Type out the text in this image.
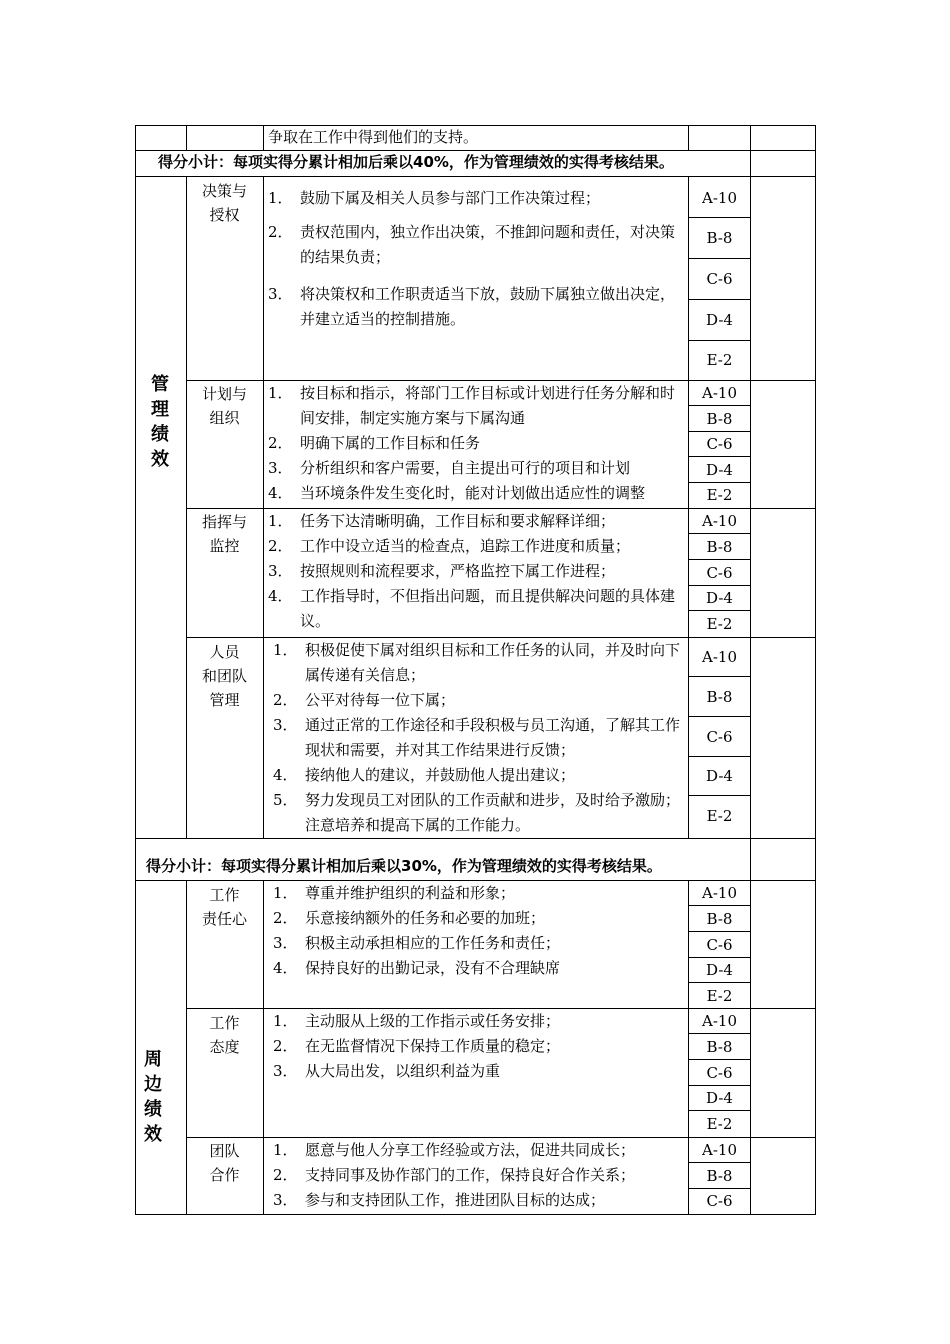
争取在工作中得到他们的支持。
得分小计：每项实得分累计相加后乘以40%，作为管理绩效的实得考核结果。
得分小计：每项实得分累计相加后乘以30%，作为管理绩效的实得考核结果。
管
理
绩
效
周
边
绩
效
决策与
授权
计划与
组织
指挥与
监控
人员
和团队
管理
工作
责任心
工作
态度
团队
合作
1． 鼓励下属及相关人员参与部门工作决策过程；
2． 责权范围内，独立作出决策，不推卸问题和责任，对决策的结果负责；
3． 将决策权和工作职责适当下放，鼓励下属独立做出决定，并建立适当的控制措施。
1． 按目标和指示，将部门工作目标或计划进行任务分解和时间安排，制定实施方案与下属沟通
2． 明确下属的工作目标和任务
3． 分析组织和客户需要，自主提出可行的项目和计划
4． 当环境条件发生变化时，能对计划做出适应性的调整
1． 任务下达清晰明确，工作目标和要求解释详细；
2． 工作中设立适当的检查点，追踪工作进度和质量；
3． 按照规则和流程要求，严格监控下属工作进程；
4． 工作指导时，不但指出问题，而且提供解决问题的具体建议。
1． 积极促使下属对组织目标和工作任务的认同，并及时向下属传递有关信息；
2． 公平对待每一位下属；
3． 通过正常的工作途径和手段积极与员工沟通，了解其工作现状和需要，并对其工作结果进行反馈；
4． 接纳他人的建议，并鼓励他人提出建议；
5． 努力发现员工对团队的工作贡献和进步，及时给予激励；注意培养和提高下属的工作能力。
1． 尊重并维护组织的利益和形象；
2． 乐意接纳额外的任务和必要的加班；
3． 积极主动承担相应的工作任务和责任；
4． 保持良好的出勤记录，没有不合理缺席
1． 主动服从上级的工作指示或任务安排；
2． 在无监督情况下保持工作质量的稳定；
3． 从大局出发，以组织利益为重
1． 愿意与他人分享工作经验或方法，促进共同成长；
2． 支持同事及协作部门的工作，保持良好合作关系；
3． 参与和支持团队工作，推进团队目标的达成；
A-10
B-8
C-6
D-4
E-2
A-10
B-8
C-6
D-4
E-2
A-10
B-8
C-6
D-4
E-2
A-10
B-8
C-6
D-4
E-2
A-10
B-8
C-6
D-4
E-2
A-10
B-8
C-6
D-4
E-2
A-10
B-8
C-6
